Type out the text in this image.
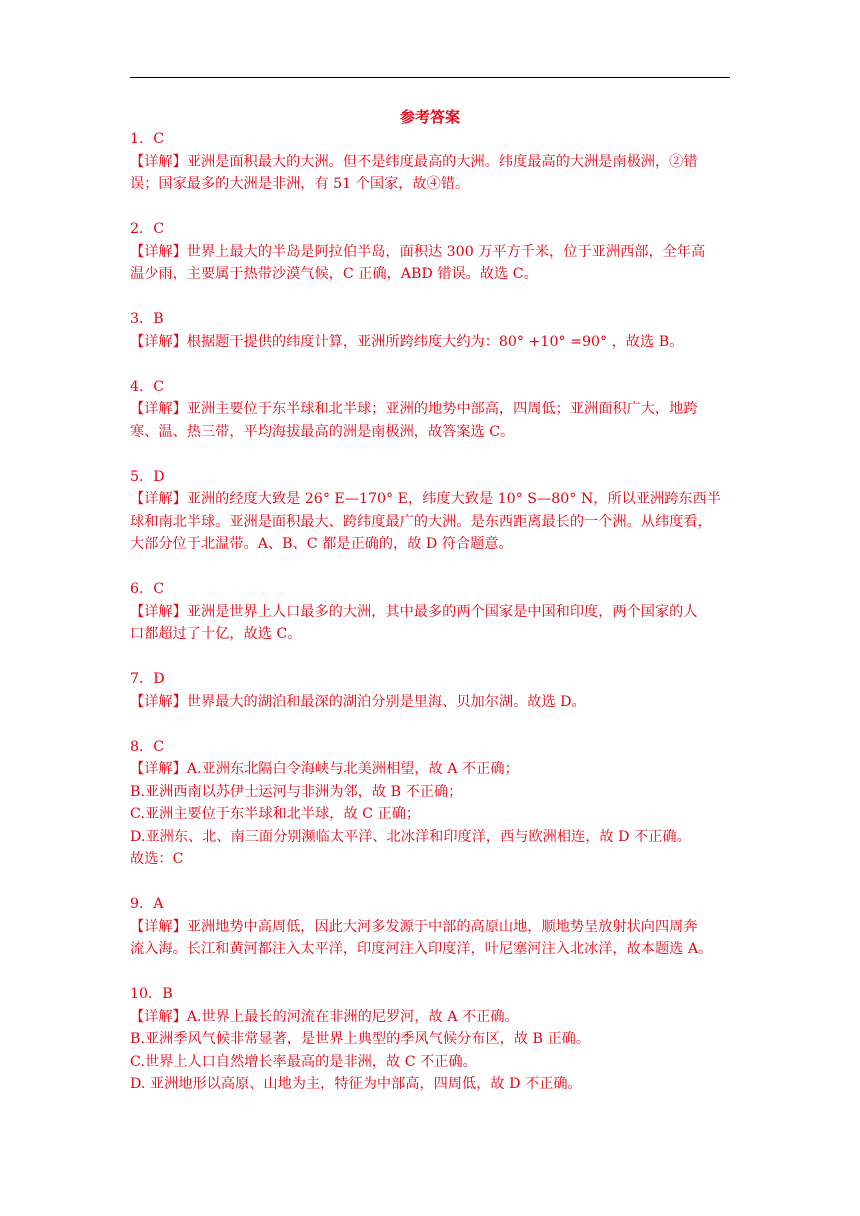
参考答案
1．C
【详解】亚洲是面积最大的大洲。但不是纬度最高的大洲。纬度最高的大洲是南极洲，②错
误；国家最多的大洲是非洲，有 51 个国家，故④错。
2．C
【详解】世界上最大的半岛是阿拉伯半岛，面积达 300 万平方千米，位于亚洲西部，全年高
温少雨，主要属于热带沙漠气候，C 正确，ABD 错误。故选 C。
3．B
【详解】根据题干提供的纬度计算，亚洲所跨纬度大约为：80° +10° =90° ，故选 B。
4．C
【详解】亚洲主要位于东半球和北半球；亚洲的地势中部高，四周低；亚洲面积广大，地跨
寒、温、热三带，平均海拔最高的洲是南极洲，故答案选 C。
5．D
【详解】亚洲的经度大致是 26° E—170° E，纬度大致是 10° S—80° N，所以亚洲跨东西半
球和南北半球。亚洲是面积最大、跨纬度最广的大洲。是东西距离最长的一个洲。从纬度看，
大部分位于北温带。A、B、C 都是正确的，故 D 符合题意。
6．C
【详解】亚洲是世界上人口最多的大洲，其中最多的两个国家是中国和印度，两个国家的人
口都超过了十亿，故选 C。
7．D
【详解】世界最大的湖泊和最深的湖泊分别是里海、贝加尔湖。故选 D。
8．C
【详解】A.亚洲东北隔白令海峡与北美洲相望，故 A 不正确；
B.亚洲西南以苏伊士运河与非洲为邻，故 B 不正确；
C.亚洲主要位于东半球和北半球，故 C 正确；
D.亚洲东、北、南三面分别濒临太平洋、北冰洋和印度洋，西与欧洲相连，故 D 不正确。
故选：C
9．A
【详解】亚洲地势中高周低，因此大河多发源于中部的高原山地，顺地势呈放射状向四周奔
流入海。长江和黄河都注入太平洋，印度河注入印度洋，叶尼塞河注入北冰洋，故本题选 A。
10．B
【详解】A.世界上最长的河流在非洲的尼罗河，故 A 不正确。
B.亚洲季风气候非常显著，是世界上典型的季风气候分布区，故 B 正确。
C.世界上人口自然增长率最高的是非洲，故 C 不正确。
D. 亚洲地形以高原、山地为主，特征为中部高，四周低，故 D 不正确。
